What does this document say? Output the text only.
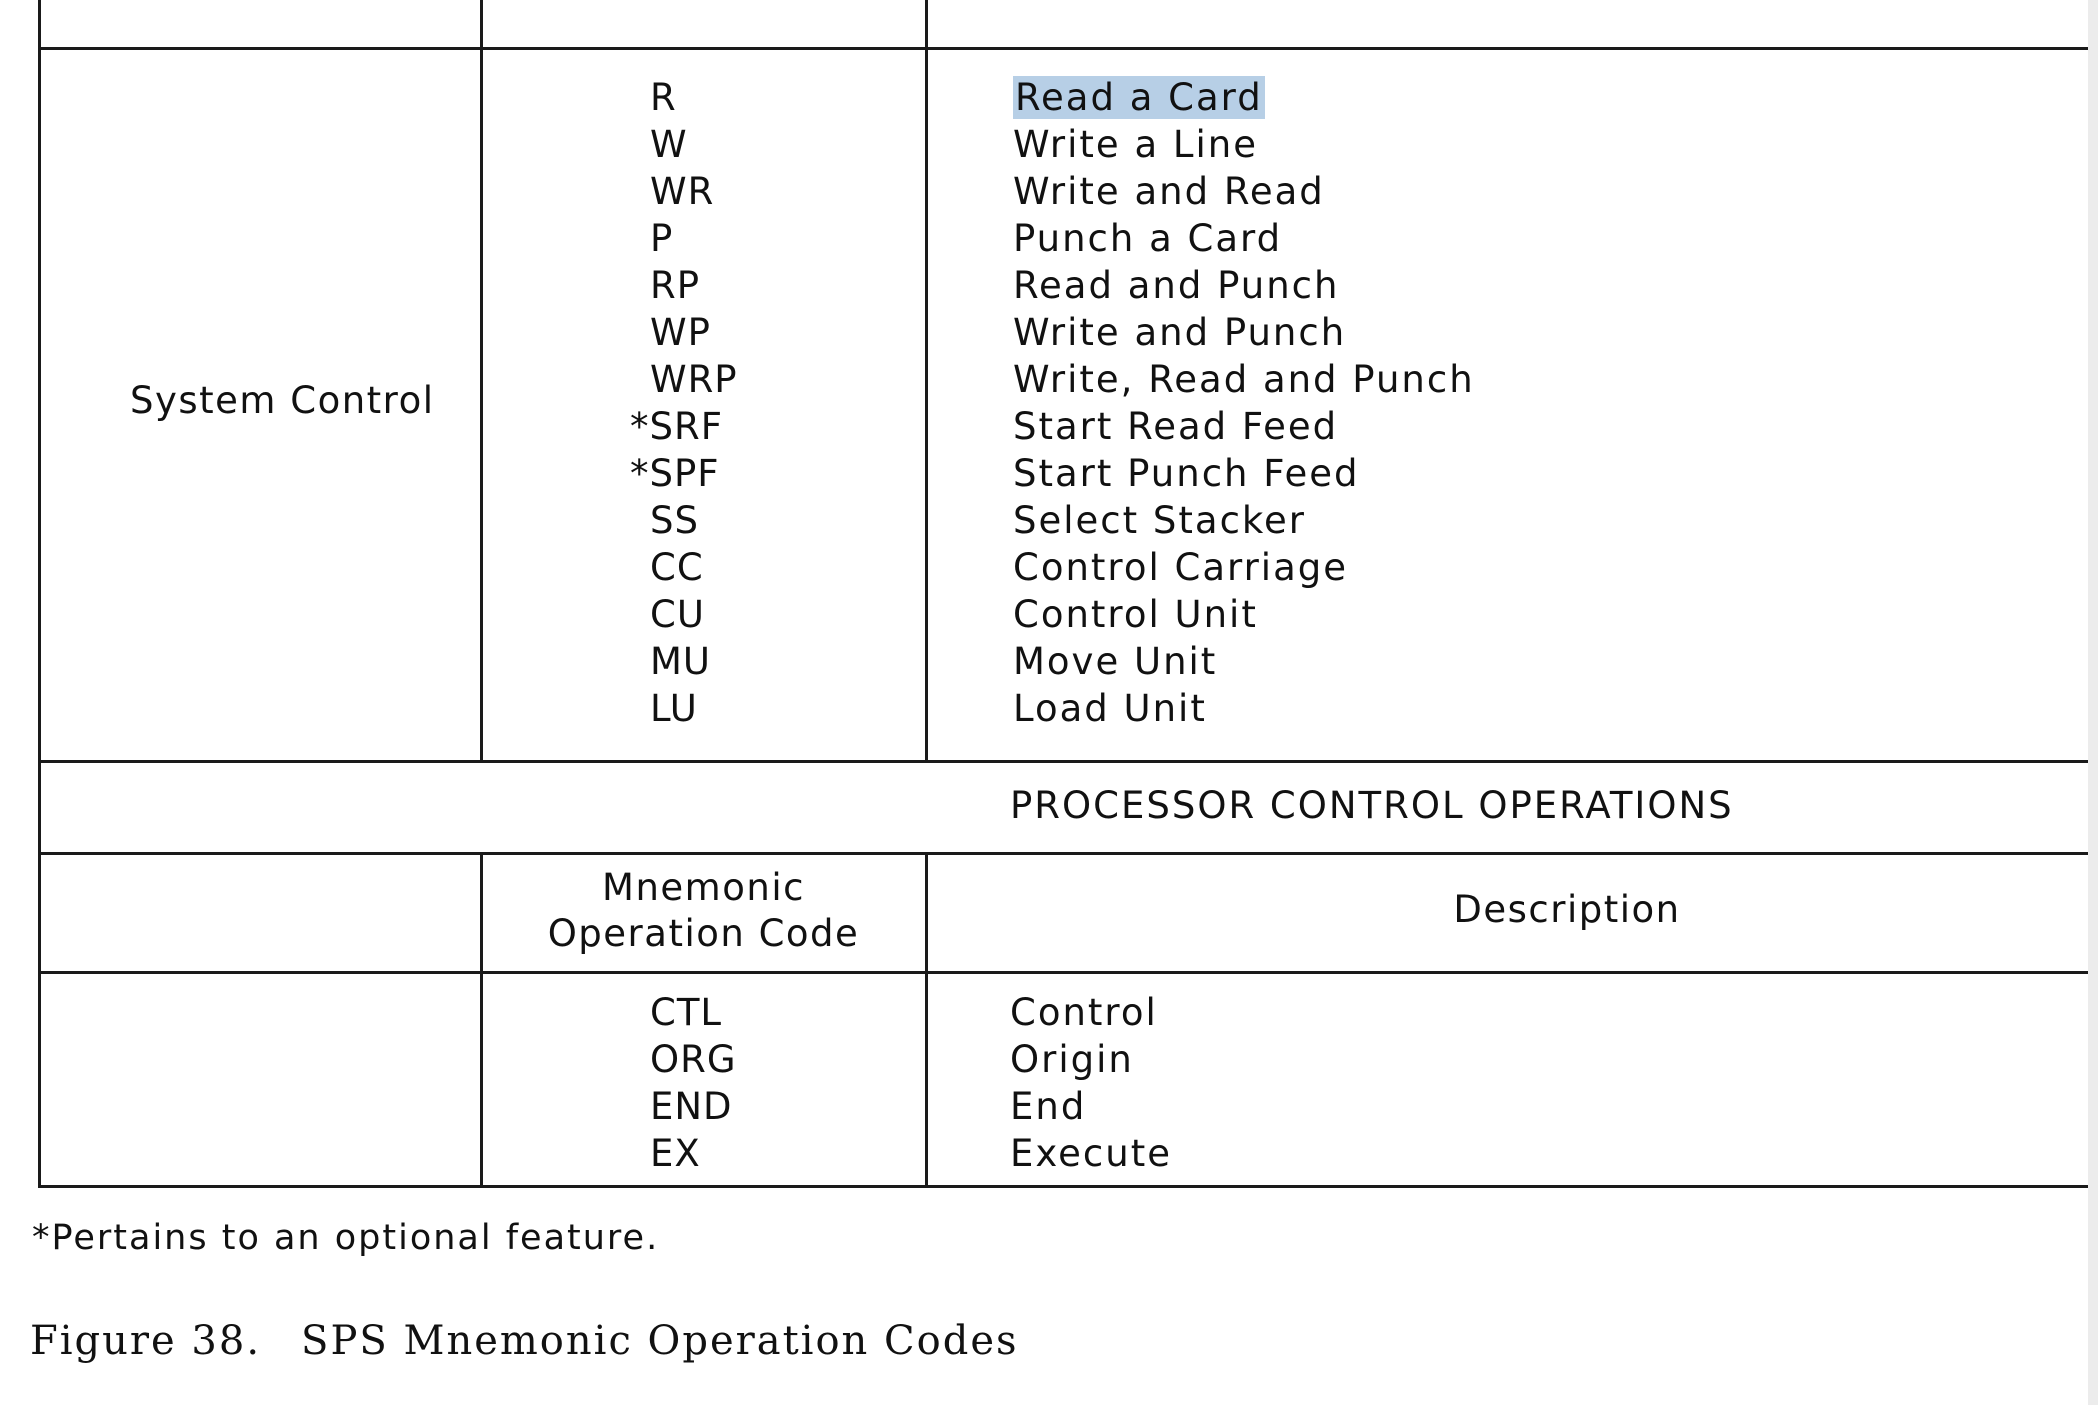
System Control
R
W
WR
P
RP
WP
WRP
*SRF
*SPF
SS
CC
CU
MU
LU
Read a Card
Write a Line
Write and Read
Punch a Card
Read and Punch
Write and Punch
Write, Read and Punch
Start Read Feed
Start Punch Feed
Select Stacker
Control Carriage
Control Unit
Move Unit
Load Unit
PROCESSOR CONTROL OPERATIONS
Mnemonic
Operation Code
Description
CTL
ORG
END
EX
Control
Origin
End
Execute
*Pertains to an optional feature.
Figure 38. SPS Mnemonic Operation Codes
